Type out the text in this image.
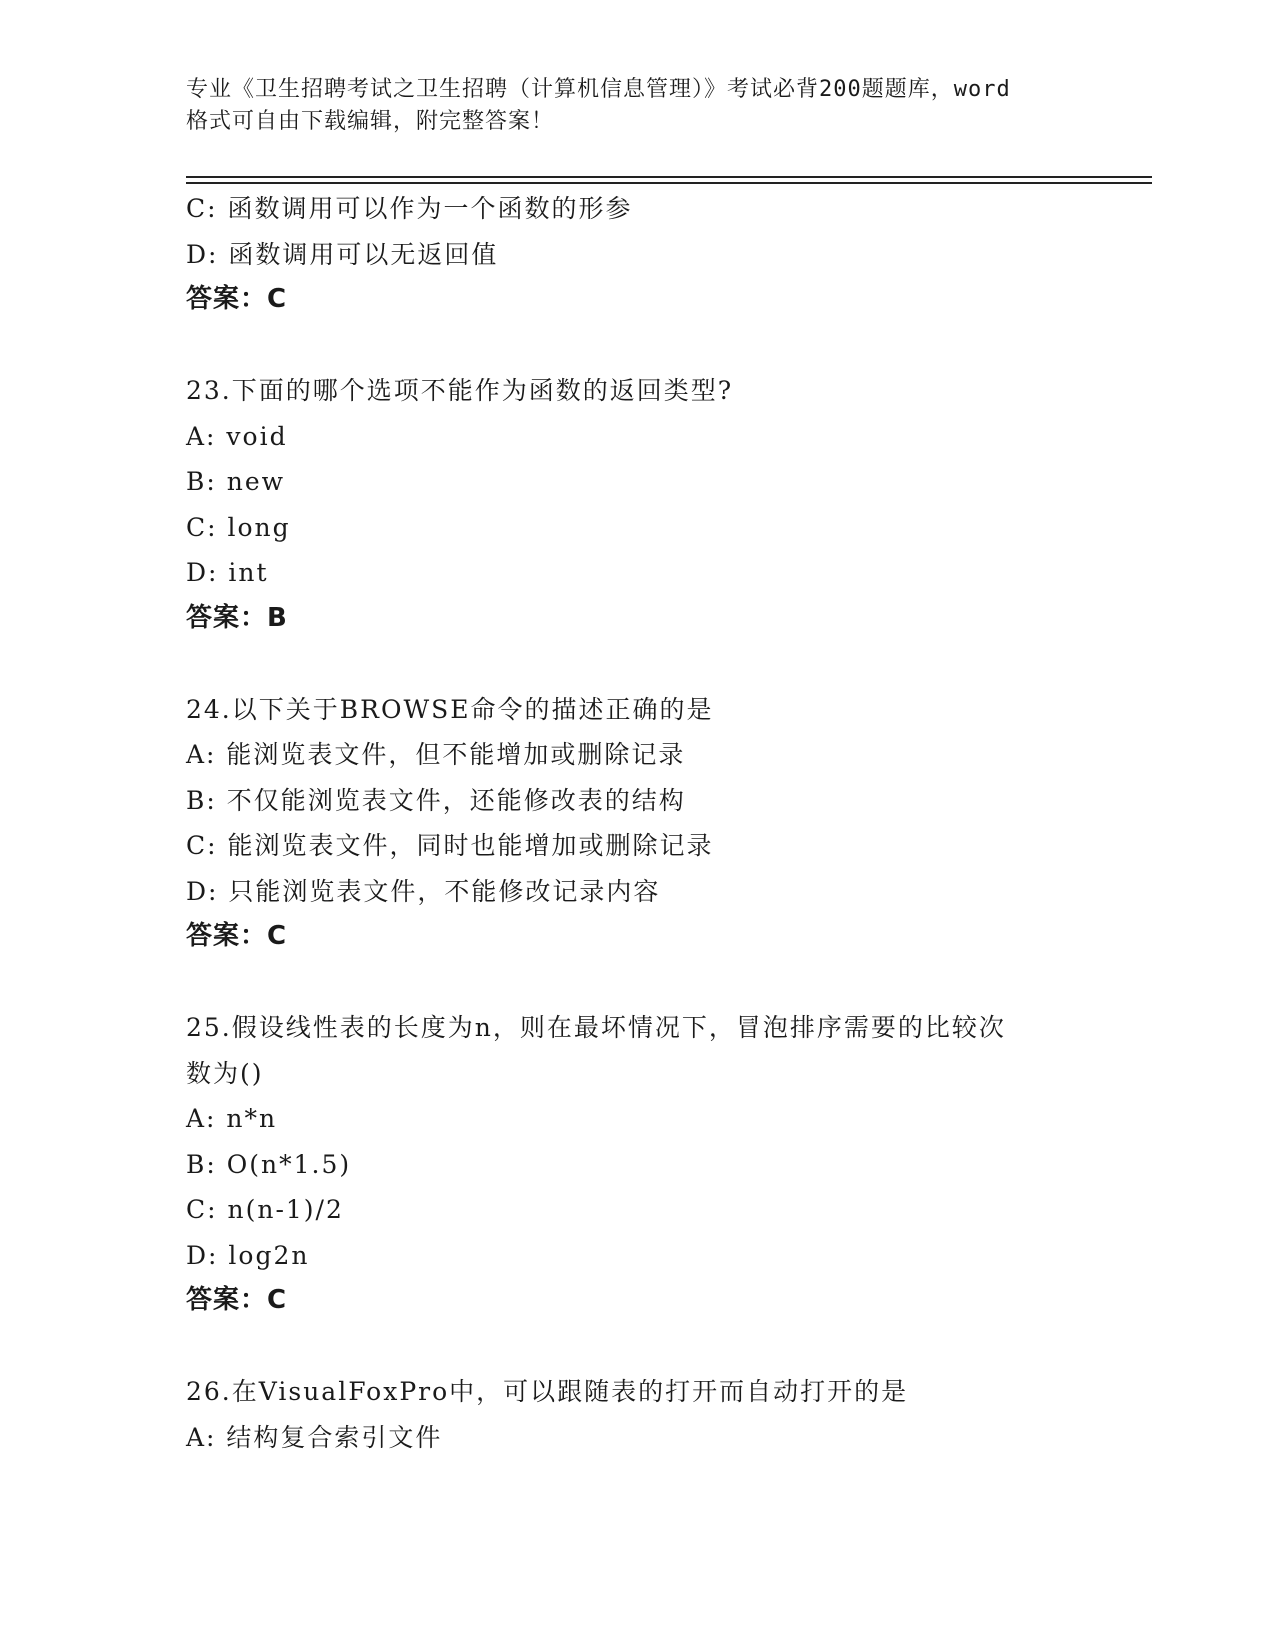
专业《卫生招聘考试之卫生招聘（计算机信息管理）》考试必背200题题库，word
格式可自由下载编辑，附完整答案！
C: 函数调用可以作为一个函数的形参
D: 函数调用可以无返回值
答案：C
23.下面的哪个选项不能作为函数的返回类型?
A: void
B: new
C: long
D: int
答案：B
24.以下关于BROWSE命令的描述正确的是
A: 能浏览表文件，但不能增加或删除记录
B: 不仅能浏览表文件，还能修改表的结构
C: 能浏览表文件，同时也能增加或删除记录
D: 只能浏览表文件，不能修改记录内容
答案：C
25.假设线性表的长度为n，则在最坏情况下，冒泡排序需要的比较次
数为()
A: n*n
B: O(n*1.5)
C: n(n-1)/2
D: log2n
答案：C
26.在VisualFoxPro中，可以跟随表的打开而自动打开的是
A: 结构复合索引文件
